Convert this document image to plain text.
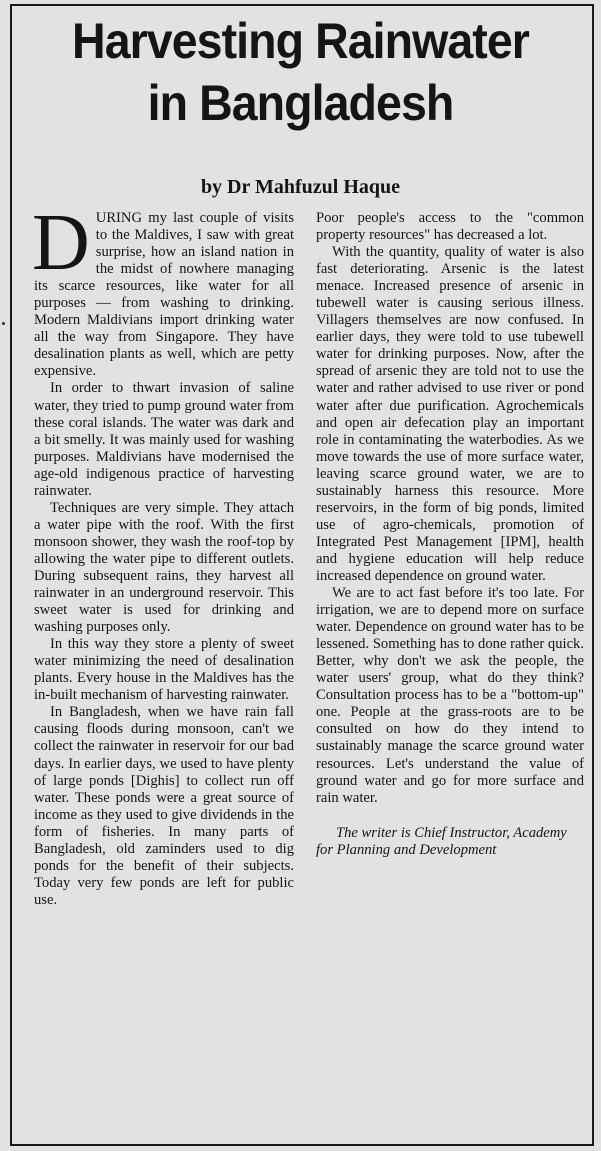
Harvesting Rainwater
in Bangladesh
by Dr Mahfuzul Haque

DURING my last couple of visits to the Maldives, I saw with great surprise, how an island nation in the midst of nowhere managing its scarce resources, like water for all purposes — from washing to drinking. Modern Maldivians import drinking water all the way from Singapore. They have desalination plants as well, which are petty expensive.

In order to thwart invasion of saline water, they tried to pump ground water from these coral islands. The water was dark and a bit smelly. It was mainly used for washing purposes. Maldivians have modernised the age-old indigenous practice of harvesting rainwater.

Techniques are very simple. They attach a water pipe with the roof. With the first monsoon shower, they wash the roof-top by allowing the water pipe to different outlets. During subsequent rains, they harvest all rainwater in an underground reservoir. This sweet water is used for drinking and washing purposes only.

In this way they store a plenty of sweet water minimizing the need of desalination plants. Every house in the Maldives has the in-built mechanism of harvesting rainwater.

In Bangladesh, when we have rain fall causing floods during monsoon, can't we collect the rainwater in reservoir for our bad days. In earlier days, we used to have plenty of large ponds [Dighis] to collect run off water. These ponds were a great source of income as they used to give dividends in the form of fisheries. In many parts of Bangladesh, old zaminders used to dig ponds for the benefit of their subjects. Today very few ponds are left for public use.

Poor people's access to the "common property resources" has decreased a lot.

With the quantity, quality of water is also fast deteriorating. Arsenic is the latest menace. Increased presence of arsenic in tubewell water is causing serious illness. Villagers themselves are now confused. In earlier days, they were told to use tubewell water for drinking purposes. Now, after the spread of arsenic they are told not to use the water and rather advised to use river or pond water after due purification. Agrochemicals and open air defecation play an important role in contaminating the waterbodies. As we move towards the use of more surface water, leaving scarce ground water, we are to sustainably harness this resource. More reservoirs, in the form of big ponds, limited use of agro-chemicals, promotion of Integrated Pest Management [IPM], health and hygiene education will help reduce increased dependence on ground water.

We are to act fast before it's too late. For irrigation, we are to depend more on surface water. Dependence on ground water has to be lessened. Something has to done rather quick. Better, why don't we ask the people, the water users' group, what do they think? Consultation process has to be a "bottom-up" one. People at the grass-roots are to be consulted on how do they intend to sustainably manage the scarce ground water resources. Let's understand the value of ground water and go for more surface and rain water.

The writer is Chief Instructor, Academy for Planning and Development
